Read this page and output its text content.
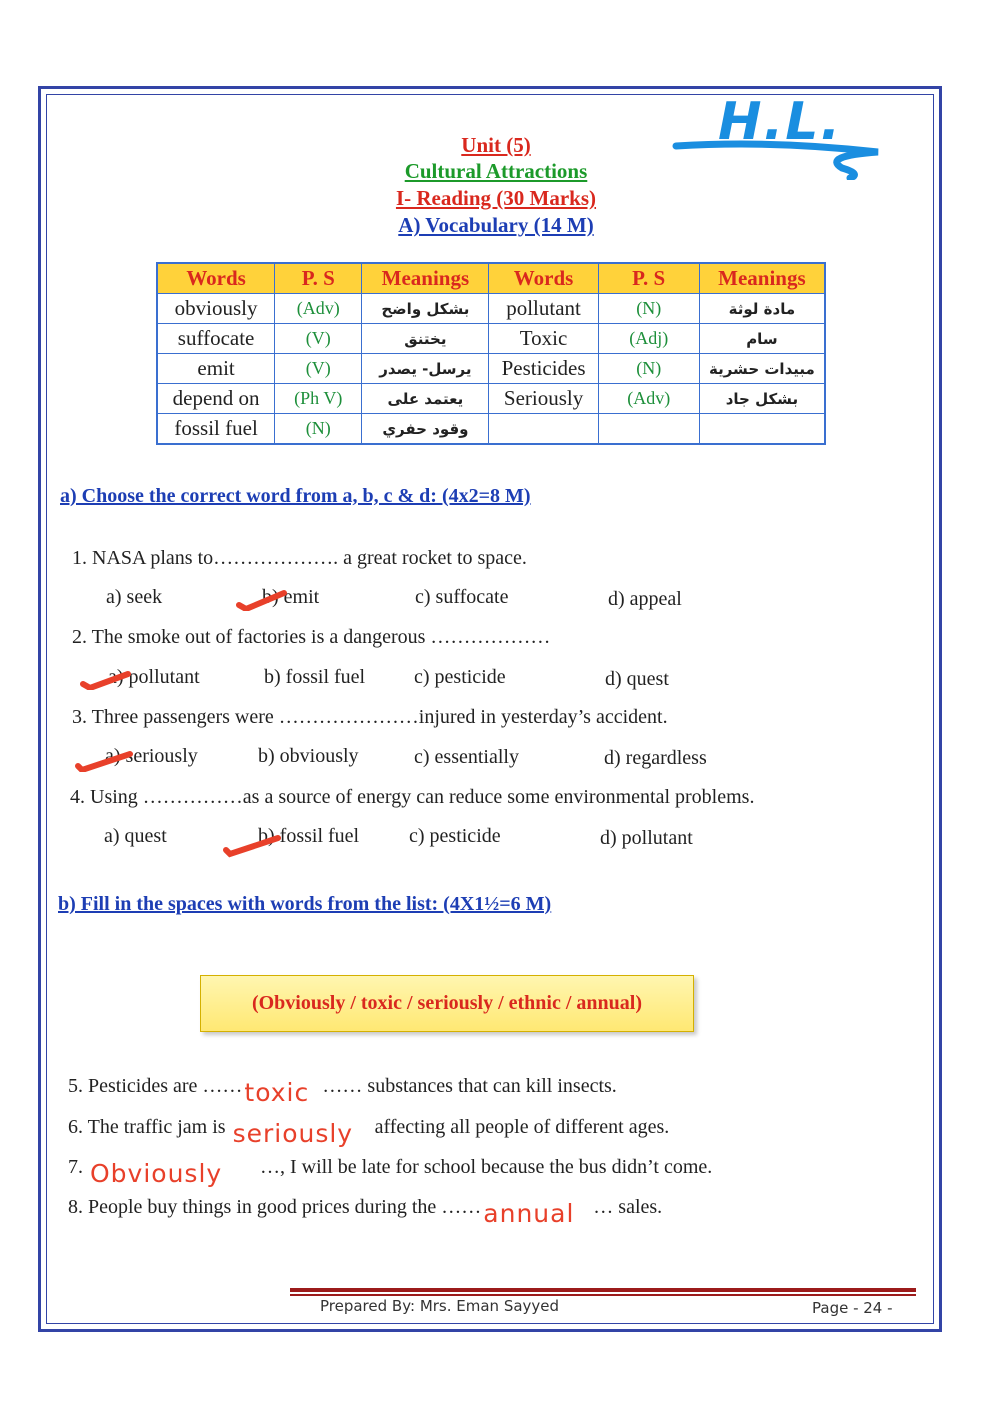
H.L.
Unit (5)
Cultural Attractions
I- Reading (30 Marks)
A) Vocabulary (14 M)
Words	P. S	Meanings	Words	P. S	Meanings
obviously	(Adv)	بشكل واضح	pollutant	(N)	مادة لوثة
suffocate	(V)	يختنق	Toxic	(Adj)	سام
emit	(V)	يرسل- يصدر	Pesticides	(N)	مبيدات حشرية
depend on	(Ph V)	يعتمد على	Seriously	(Adv)	بشكل جاد
fossil fuel	(N)	وقود حفري			
a) Choose the correct word from a, b, c & d: (4x2=8 M)
1. NASA plans to………………. a great rocket to space.
a) seek	b) emit	c) suffocate	d) appeal
2. The smoke out of factories is a dangerous ………………
a) pollutant	b) fossil fuel c) pesticide	d) quest
3. Three passengers were …………………injured in yesterday’s accident.
a) seriously	b) obviously	c) essentially	d) regardless
4. Using ……………as a source of energy can reduce some environmental problems.
a) quest	b) fossil fuel c) pesticide	d) pollutant
b) Fill in the spaces with words from the list: (4X1½=6 M)
(Obviously / toxic / seriously / ethnic / annual)
5. Pesticides are …… toxic …… substances that can kill insects.
6. The traffic jam is seriously affecting all people of different ages.
7. Obviously …, I will be late for school because the bus didn’t come.
8. People buy things in good prices during the …… annual … sales.
Prepared By: Mrs. Eman Sayyed	Page - 24 -
